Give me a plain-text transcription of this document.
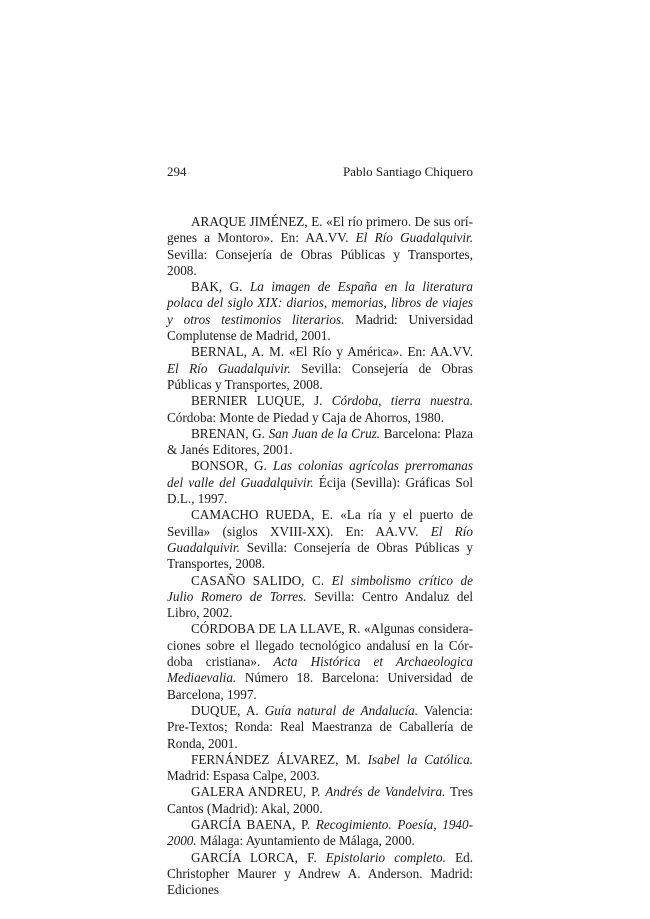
294	Pablo Santiago Chiquero

ARAQUE JIMÉNEZ, E. «El río primero. De sus orígenes a Montoro». En: AA.VV. El Río Guadalquivir. Sevilla: Consejería de Obras Públicas y Transportes, 2008.

BAK, G. La imagen de España en la literatura polaca del siglo XIX: diarios, memorias, libros de viajes y otros testimonios literarios. Madrid: Universidad Complutense de Madrid, 2001.

BERNAL, A. M. «El Río y América». En: AA.VV. El Río Guadalquivir. Sevilla: Consejería de Obras Públicas y Transportes, 2008.

BERNIER LUQUE, J. Córdoba, tierra nuestra. Córdoba: Monte de Piedad y Caja de Ahorros, 1980.

BRENAN, G. San Juan de la Cruz. Barcelona: Plaza & Janés Editores, 2001.

BONSOR, G. Las colonias agrícolas prerromanas del valle del Guadalquivir. Écija (Sevilla): Gráficas Sol D.L., 1997.

CAMACHO RUEDA, E. «La ría y el puerto de Sevilla» (siglos XVIII-XX). En: AA.VV. El Río Guadalquivir. Sevilla: Consejería de Obras Públicas y Transportes, 2008.

CASAÑO SALIDO, C. El simbolismo crítico de Julio Romero de Torres. Sevilla: Centro Andaluz del Libro, 2002.

CÓRDOBA DE LA LLAVE, R. «Algunas consideraciones sobre el llegado tecnológico andalusí en la Córdoba cristiana». Acta Histórica et Archaeologica Mediaevalia. Número 18. Barcelona: Universidad de Barcelona, 1997.

DUQUE, A. Guía natural de Andalucía. Valencia: Pre-Textos; Ronda: Real Maestranza de Caballería de Ronda, 2001.

FERNÁNDEZ ÁLVAREZ, M. Isabel la Católica. Madrid: Espasa Calpe, 2003.

GALERA ANDREU, P. Andrés de Vandelvira. Tres Cantos (Madrid): Akal, 2000.

GARCÍA BAENA, P. Recogimiento. Poesía, 1940-2000. Málaga: Ayuntamiento de Málaga, 2000.

GARCÍA LORCA, F. Epistolario completo. Ed. Christopher Maurer y Andrew A. Anderson. Madrid: Ediciones
